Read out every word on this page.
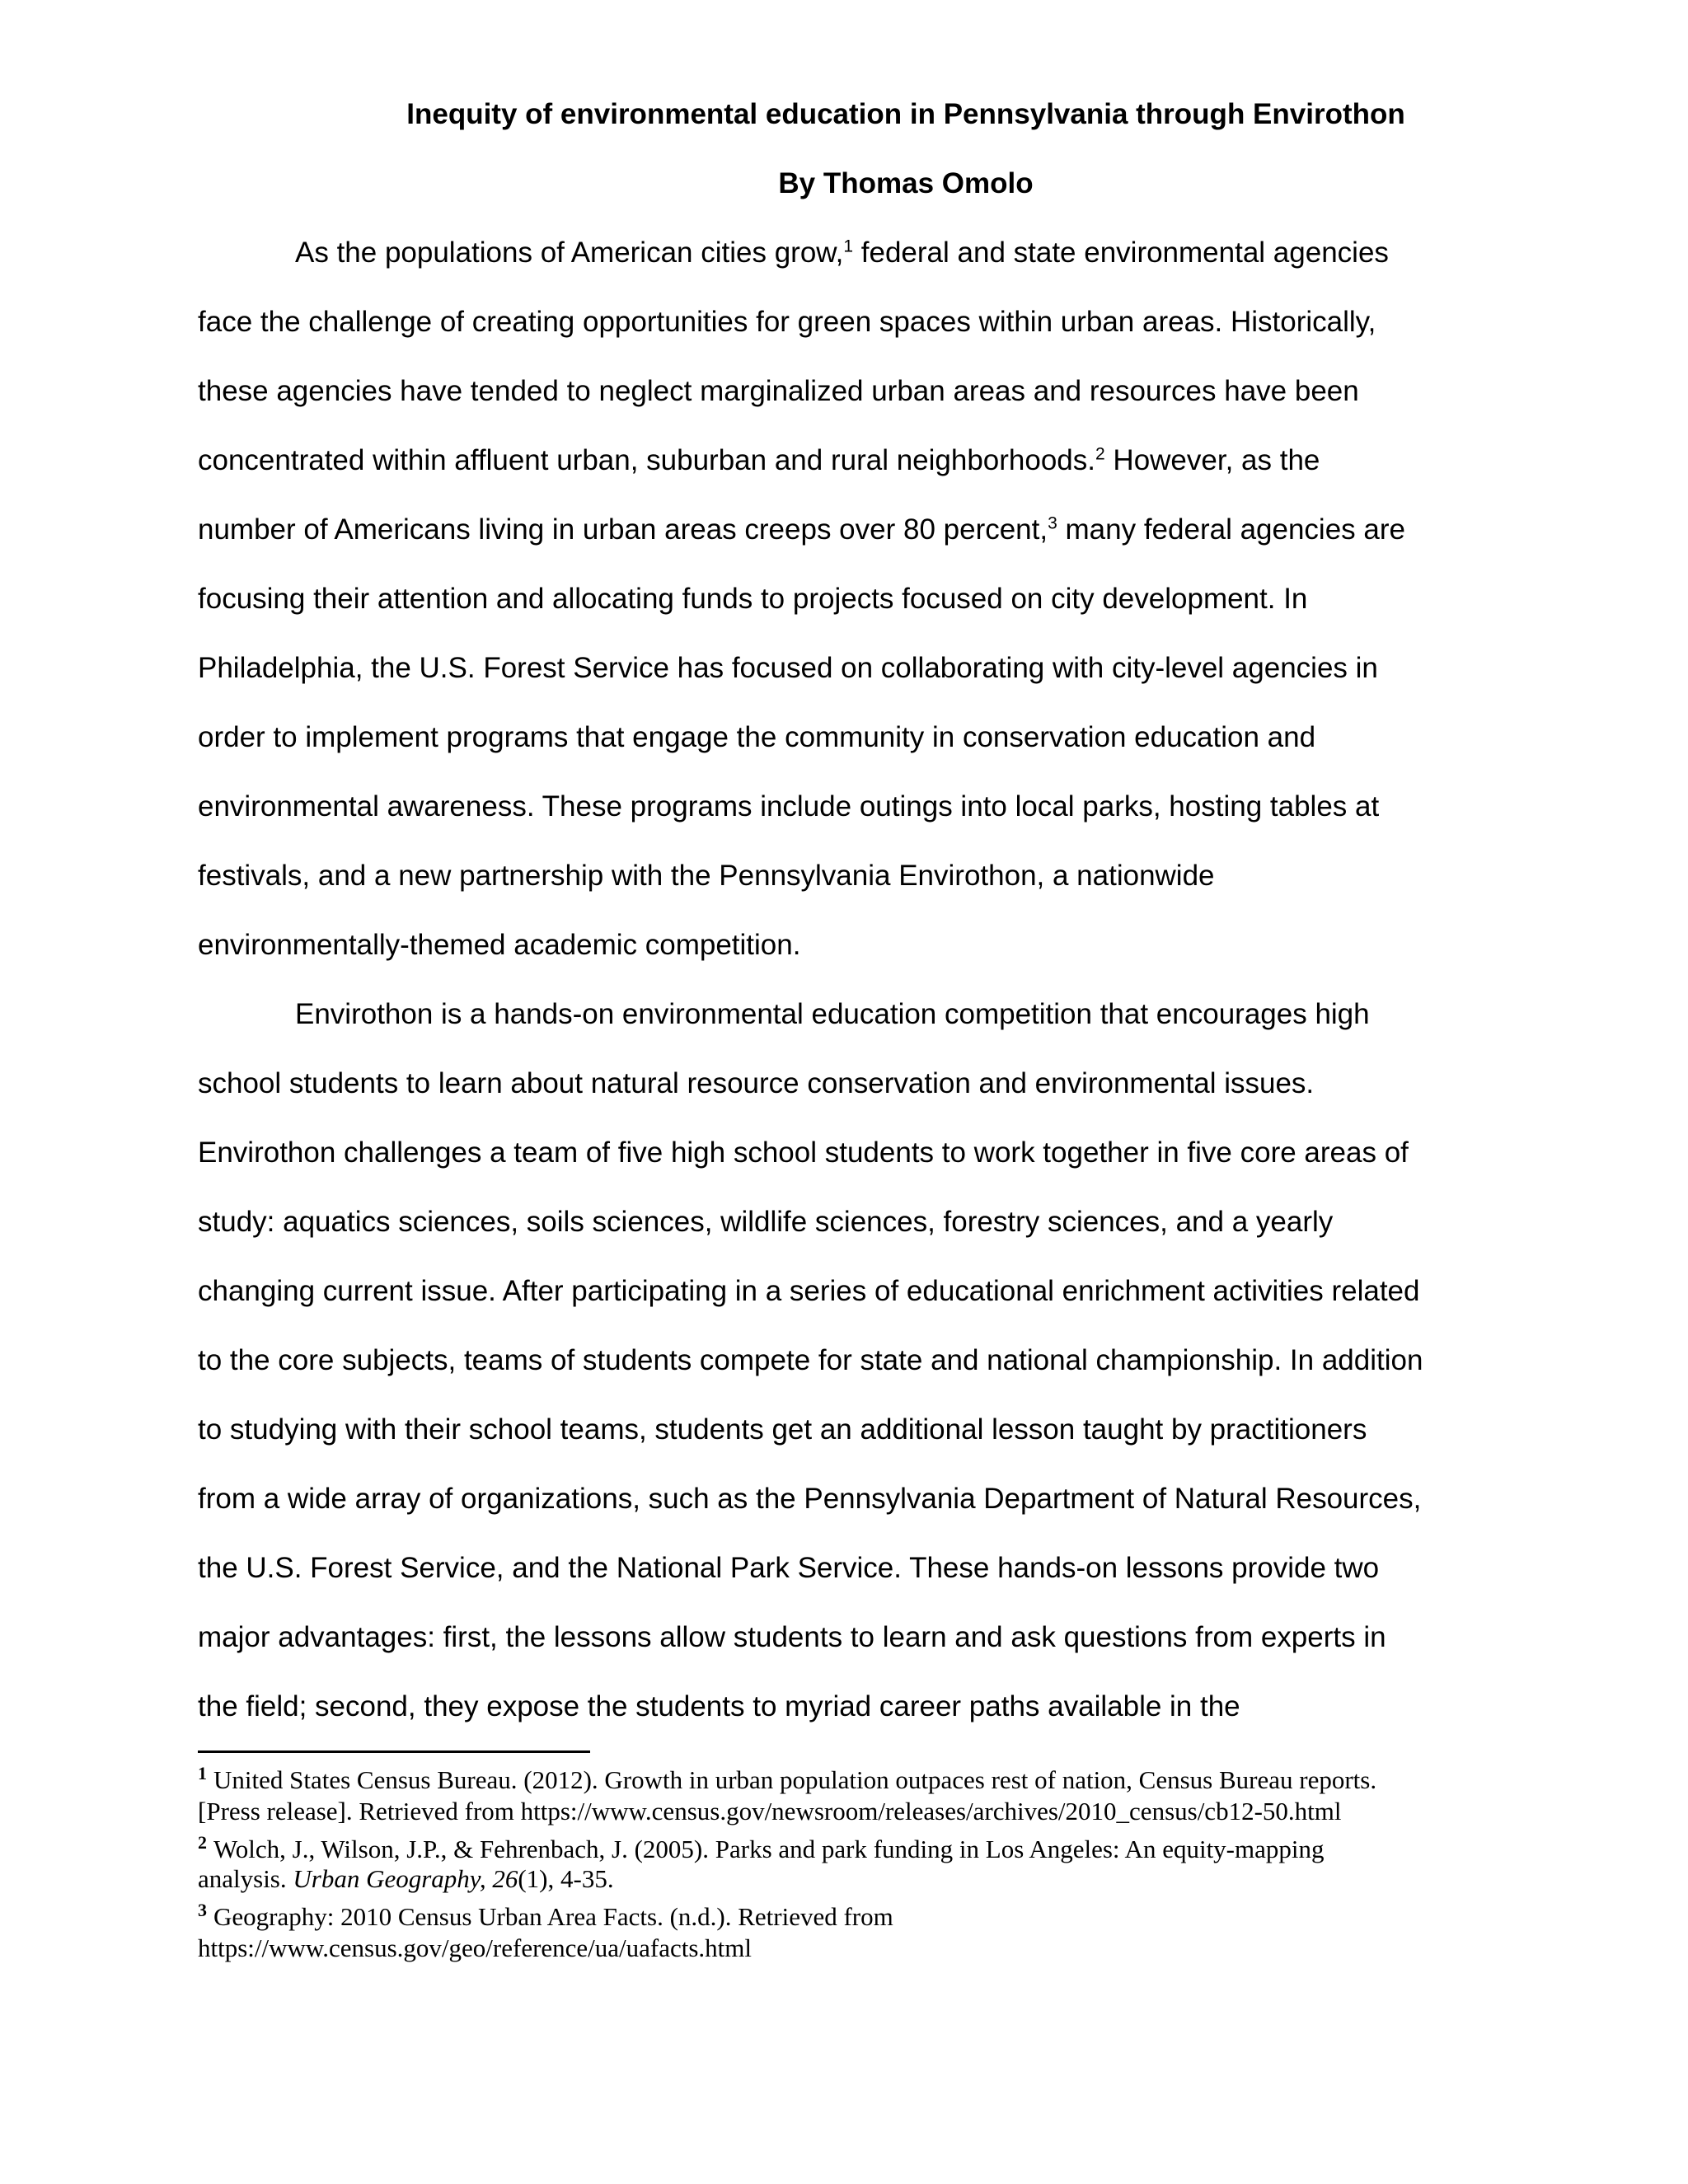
Inequity of environmental education in Pennsylvania through Envirothon
By Thomas Omolo
As the populations of American cities grow,$^1$ federal and state environmental agencies
face the challenge of creating opportunities for green spaces within urban areas. Historically,
these agencies have tended to neglect marginalized urban areas and resources have been
concentrated within affluent urban, suburban and rural neighborhoods.$^2$ However, as the
number of Americans living in urban areas creeps over 80 percent,$^3$ many federal agencies are
focusing their attention and allocating funds to projects focused on city development. In
Philadelphia, the U.S. Forest Service has focused on collaborating with city-level agencies in
order to implement programs that engage the community in conservation education and
environmental awareness. These programs include outings into local parks, hosting tables at
festivals, and a new partnership with the Pennsylvania Envirothon, a nationwide
environmentally-themed academic competition.
Envirothon is a hands-on environmental education competition that encourages high
school students to learn about natural resource conservation and environmental issues.
Envirothon challenges a team of five high school students to work together in five core areas of
study: aquatics sciences, soils sciences, wildlife sciences, forestry sciences, and a yearly
changing current issue. After participating in a series of educational enrichment activities related
to the core subjects, teams of students compete for state and national championship. In addition
to studying with their school teams, students get an additional lesson taught by practitioners
from a wide array of organizations, such as the Pennsylvania Department of Natural Resources,
the U.S. Forest Service, and the National Park Service. These hands-on lessons provide two
major advantages: first, the lessons allow students to learn and ask questions from experts in
the field; second, they expose the students to myriad career paths available in the
$^1$ United States Census Bureau. (2012). Growth in urban population outpaces rest of nation, Census Bureau reports.
[Press release]. Retrieved from https://www.census.gov/newsroom/releases/archives/2010_census/cb12-50.html
$^2$ Wolch, J., Wilson, J.P., & Fehrenbach, J. (2005). Parks and park funding in Los Angeles: An equity-mapping
analysis. Urban Geography, 26(1), 4-35.
$^3$ Geography: 2010 Census Urban Area Facts. (n.d.). Retrieved from
https://www.census.gov/geo/reference/ua/uafacts.html
